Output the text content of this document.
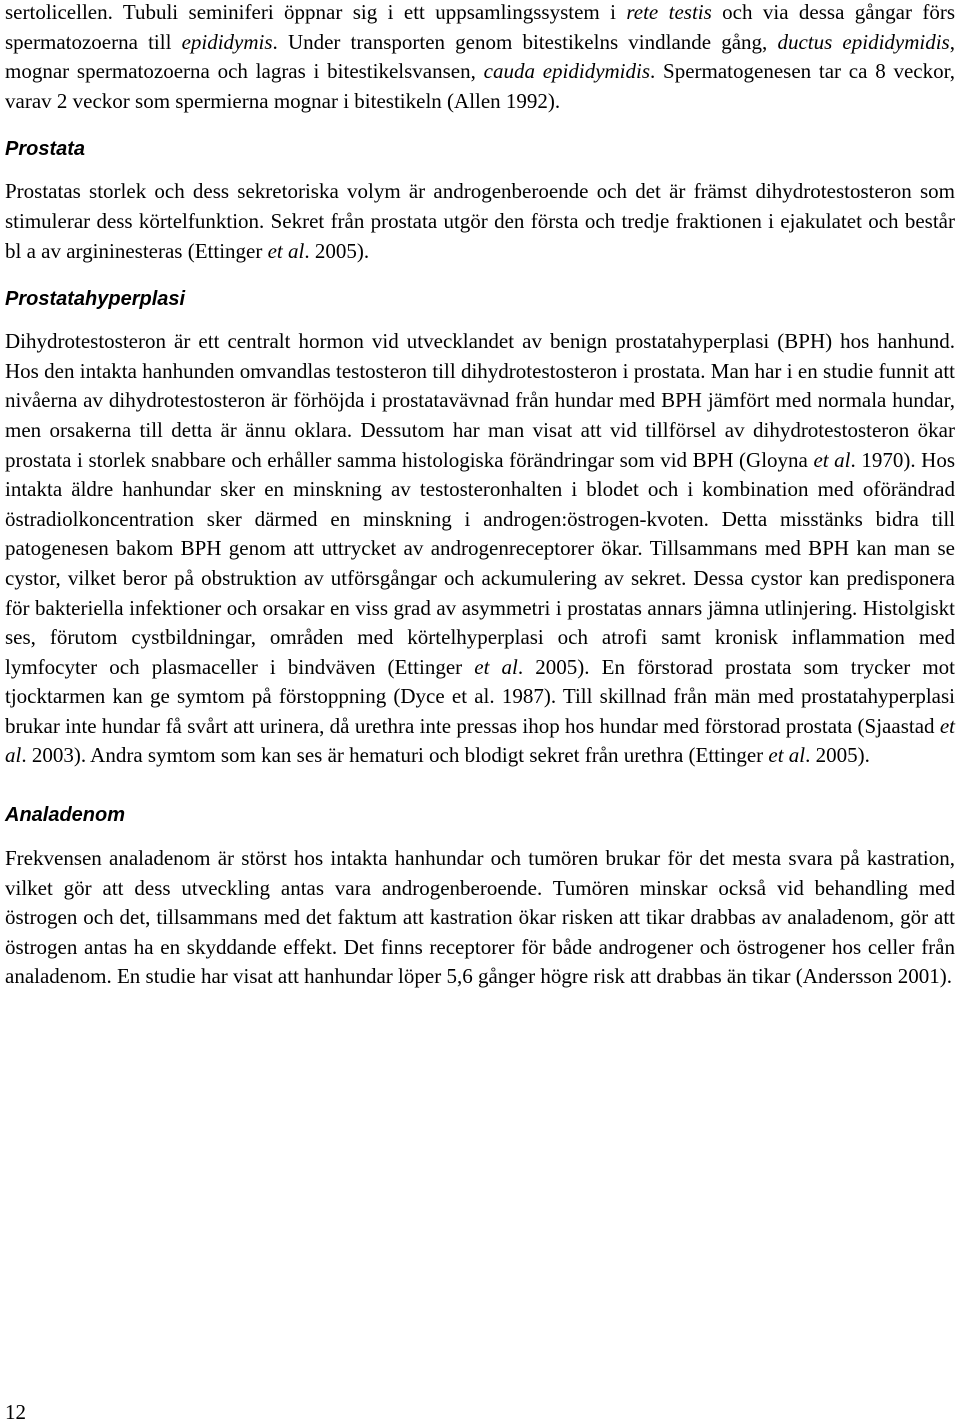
sertolicellen. Tubuli seminiferi öppnar sig i ett uppsamlingssystem i rete testis och via dessa gångar förs spermatozoerna till epididymis. Under transporten genom bitestikelns vindlande gång, ductus epididymidis, mognar spermatozoerna och lagras i bitestikelsvansen, cauda epididymidis. Spermatogenesen tar ca 8 veckor, varav 2 veckor som spermierna mognar i bitestikeln (Allen 1992).

Prostata

Prostatas storlek och dess sekretoriska volym är androgenberoende och det är främst dihydrotestosteron som stimulerar dess körtelfunktion. Sekret från prostata utgör den första och tredje fraktionen i ejakulatet och består bl a av argininesteras (Ettinger et al. 2005).

Prostatahyperplasi

Dihydrotestosteron är ett centralt hormon vid utvecklandet av benign prostatahyperplasi (BPH) hos hanhund. Hos den intakta hanhunden omvandlas testosteron till dihydrotestosteron i prostata. Man har i en studie funnit att nivåerna av dihydrotestosteron är förhöjda i prostatavävnad från hundar med BPH jämfört med normala hundar, men orsakerna till detta är ännu oklara. Dessutom har man visat att vid tillförsel av dihydrotestosteron ökar prostata i storlek snabbare och erhåller samma histologiska förändringar som vid BPH (Gloyna et al. 1970). Hos intakta äldre hanhundar sker en minskning av testosteronhalten i blodet och i kombination med oförändrad östradiolkoncentration sker därmed en minskning i androgen:östrogen-kvoten. Detta misstänks bidra till patogenesen bakom BPH genom att uttrycket av androgenreceptorer ökar. Tillsammans med BPH kan man se cystor, vilket beror på obstruktion av utförsgångar och ackumulering av sekret. Dessa cystor kan predisponera för bakteriella infektioner och orsakar en viss grad av asymmetri i prostatas annars jämna utlinjering. Histolgiskt ses, förutom cystbildningar, områden med körtelhyperplasi och atrofi samt kronisk inflammation med lymfocyter och plasmaceller i bindväven (Ettinger et al. 2005). En förstorad prostata som trycker mot tjocktarmen kan ge symtom på förstoppning (Dyce et al. 1987). Till skillnad från män med prostatahyperplasi brukar inte hundar få svårt att urinera, då urethra inte pressas ihop hos hundar med förstorad prostata (Sjaastad et al. 2003). Andra symtom som kan ses är hematuri och blodigt sekret från urethra (Ettinger et al. 2005).

Analadenom

Frekvensen analadenom är störst hos intakta hanhundar och tumören brukar för det mesta svara på kastration, vilket gör att dess utveckling antas vara androgenberoende. Tumören minskar också vid behandling med östrogen och det, tillsammans med det faktum att kastration ökar risken att tikar drabbas av analadenom, gör att östrogen antas ha en skyddande effekt. Det finns receptorer för både androgener och östrogener hos celler från analadenom. En studie har visat att hanhundar löper 5,6 gånger högre risk att drabbas än tikar (Andersson 2001).

12
